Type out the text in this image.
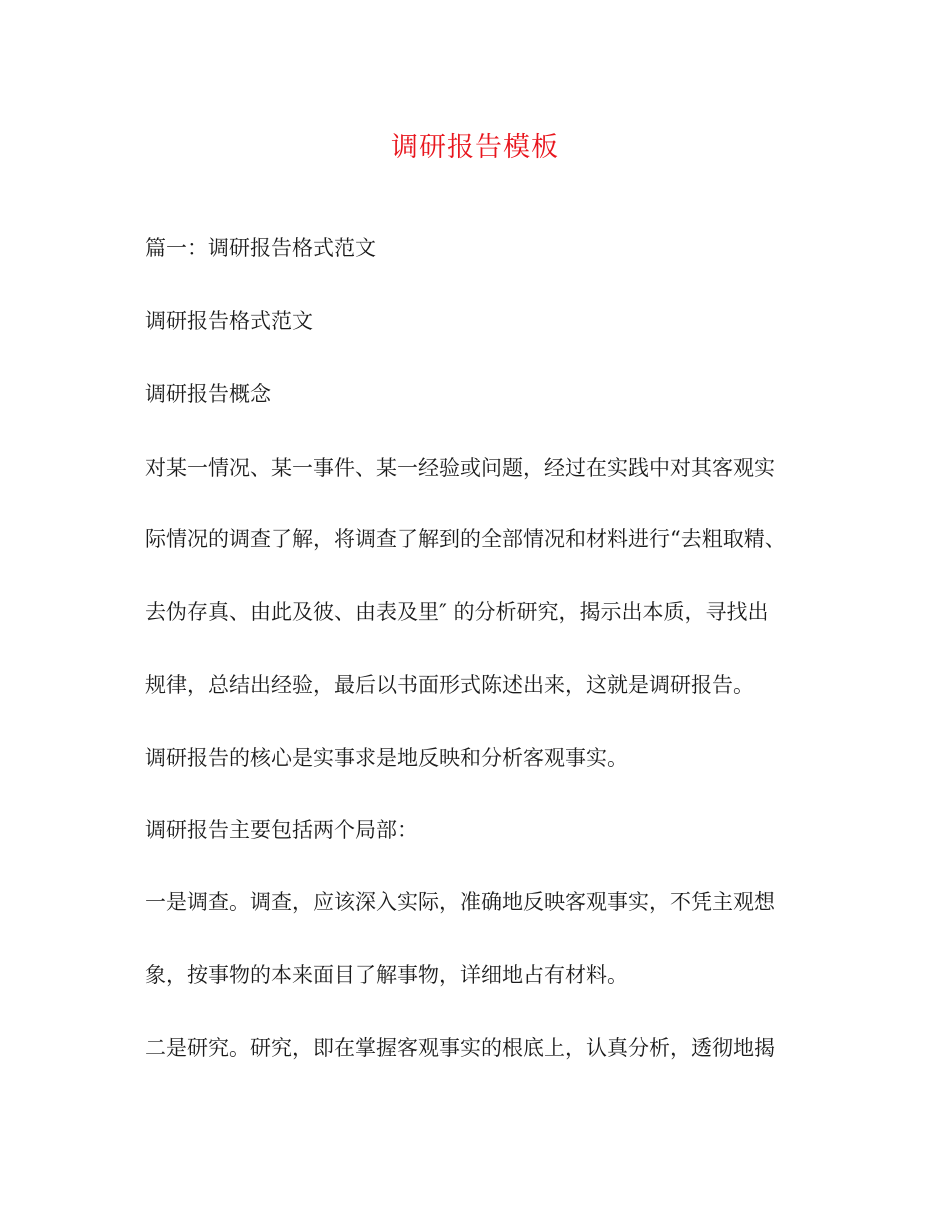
调研报告模板
篇一：调研报告格式范文
调研报告格式范文
调研报告概念
对某一情况、某一事件、某一经验或问题，经过在实践中对其客观实
际情况的调查了解，将调查了解到的全部情况和材料进行“去粗取精、
去伪存真、由此及彼、由表及里″ 的分析研究，揭示出本质，寻找出
规律，总结出经验，最后以书面形式陈述出来，这就是调研报告。
调研报告的核心是实事求是地反映和分析客观事实。
调研报告主要包括两个局部：
一是调查。调查，应该深入实际，准确地反映客观事实，不凭主观想
象，按事物的本来面目了解事物，详细地占有材料。
二是研究。研究，即在掌握客观事实的根底上，认真分析，透彻地揭
